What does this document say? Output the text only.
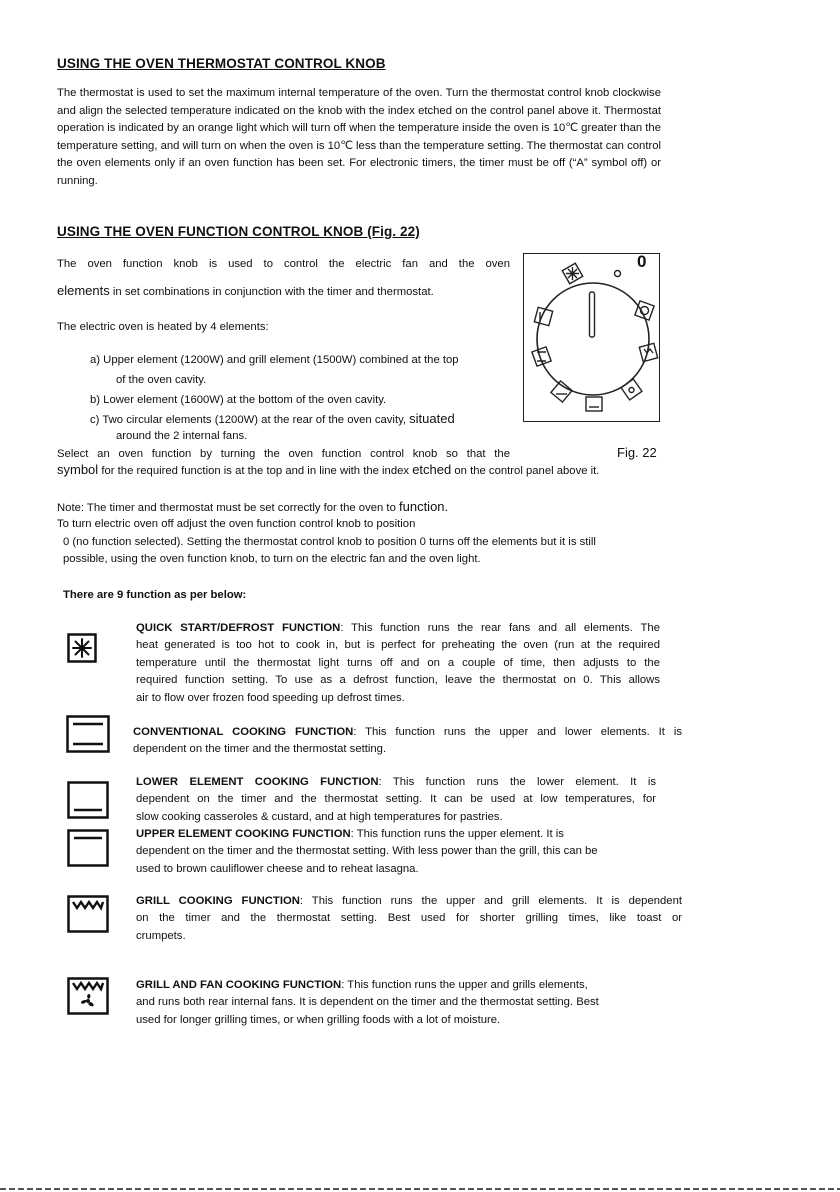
USING THE OVEN THERMOSTAT CONTROL KNOB

The thermostat is used to set the maximum internal temperature of the oven. Turn the thermostat control knob clockwise and align the selected temperature indicated on the knob with the index etched on the control panel above it. Thermostat operation is indicated by an orange light which will turn off when the temperature inside the oven is 10℃ greater than the temperature setting, and will turn on when the oven is 10℃ less than the temperature setting. The thermostat can control the oven elements only if an oven function has been set. For electronic timers, the timer must be off (“A” symbol off) or running.

USING THE OVEN FUNCTION CONTROL KNOB (Fig. 22)

The oven function knob is used to control the electric fan and the oven

elements in set combinations in conjunction with the timer and thermostat.

The electric oven is heated by 4 elements:

a) Upper element (1200W) and grill element (1500W) combined at the top

of the oven cavity.

b) Lower element (1600W) at the bottom of the oven cavity.

c) Two circular elements (1200W) at the rear of the oven cavity, situated

around the 2 internal fans.

Select an oven function by turning the oven function control knob so that the

symbol for the required function is at the top and in line with the index etched on the control panel above it.

Note: The timer and thermostat must be set correctly for the oven to function.

To turn electric oven off adjust the oven function control knob to position

0 (no function selected). Setting the thermostat control knob to position 0 turns off the elements but it is still

possible, using the oven function knob, to turn on the electric fan and the oven light.

There are 9 function as per below:

0
Fig. 22
QUICK START/DEFROST FUNCTION: This function runs the rear fans and all elements. The
heat generated is too hot to cook in, but is perfect for preheating the oven (run at the required
temperature until the thermostat light turns off and on a couple of time, then adjusts to the
required function setting. To use as a defrost function, leave the thermostat on 0. This allows
air to flow over frozen food speeding up defrost times.
CONVENTIONAL COOKING FUNCTION: This function runs the upper and lower elements. It is
dependent on the timer and the thermostat setting.
LOWER ELEMENT COOKING FUNCTION: This function runs the lower element. It is
dependent on the timer and the thermostat setting. It can be used at low temperatures, for
slow cooking casseroles & custard, and at high temperatures for pastries.
UPPER ELEMENT COOKING FUNCTION: This function runs the upper element. It is
dependent on the timer and the thermostat setting. With less power than the grill, this can be
used to brown cauliflower cheese and to reheat lasagna.
GRILL COOKING FUNCTION: This function runs the upper and grill elements. It is dependent
on the timer and the thermostat setting. Best used for shorter grilling times, like toast or
crumpets.
GRILL AND FAN COOKING FUNCTION: This function runs the upper and grills elements,
and runs both rear internal fans. It is dependent on the timer and the thermostat setting. Best
used for longer grilling times, or when grilling foods with a lot of moisture.
